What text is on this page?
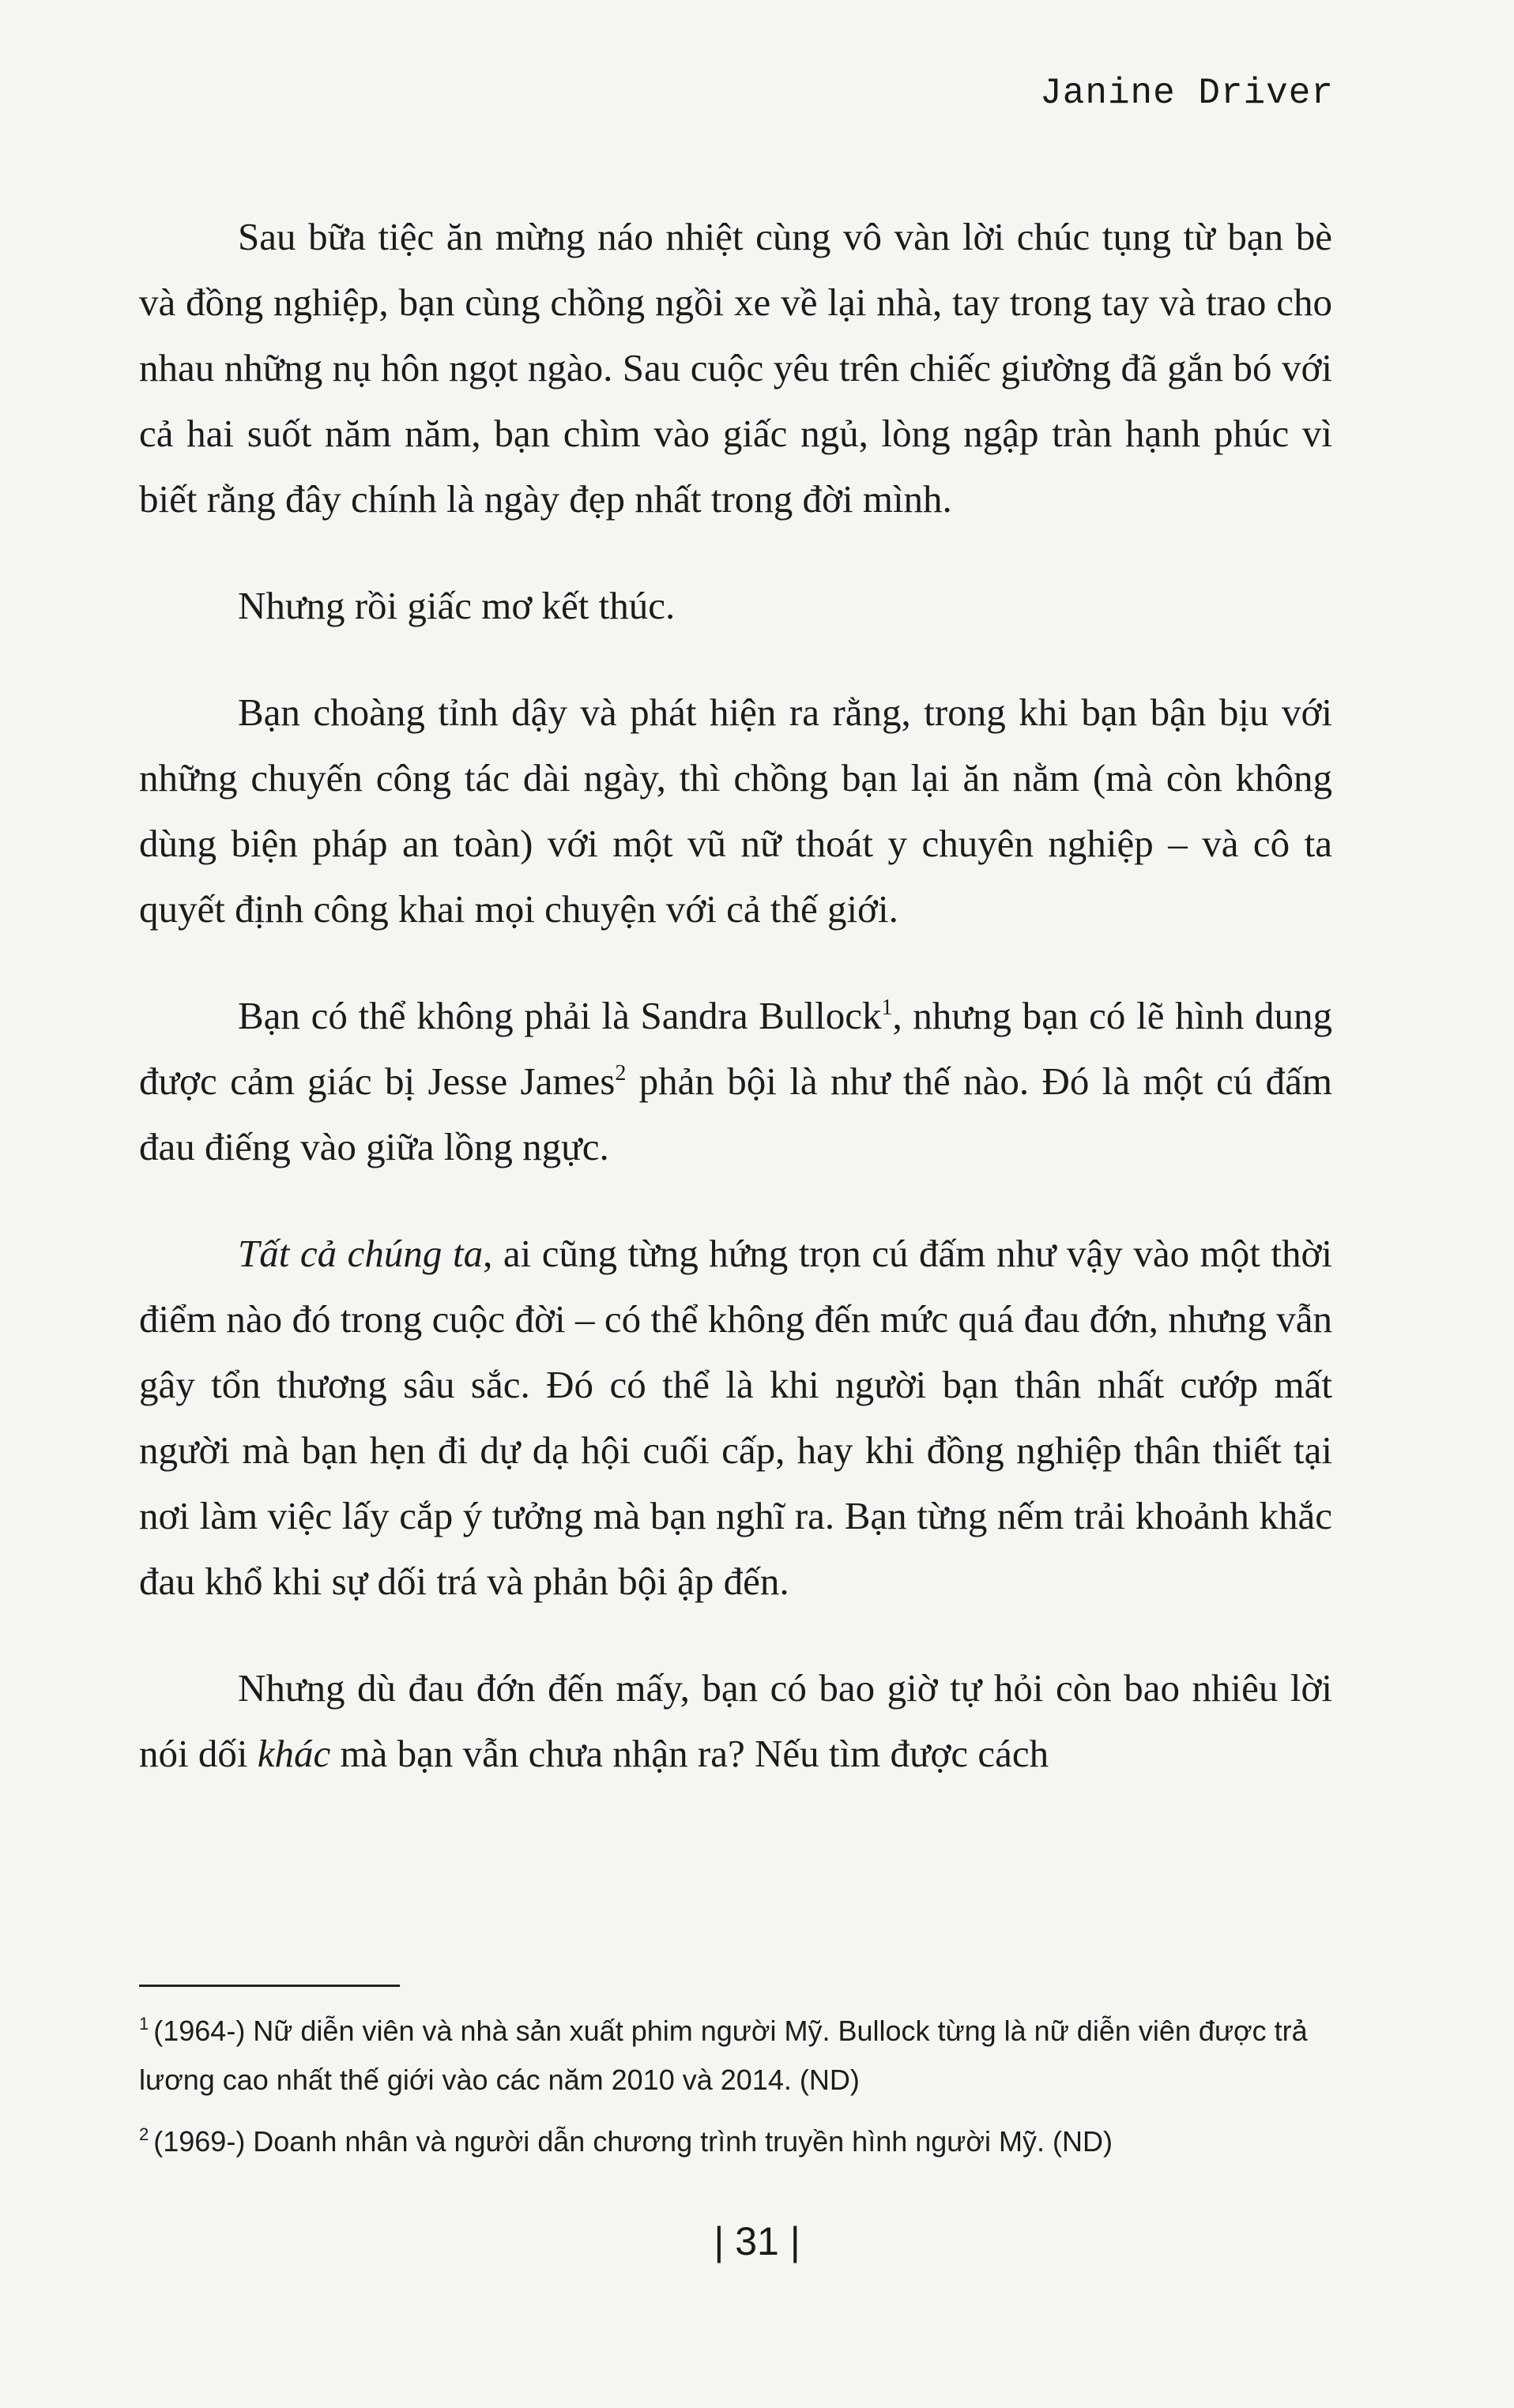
Janine Driver

Sau bữa tiệc ăn mừng náo nhiệt cùng vô vàn lời chúc tụng từ bạn bè và đồng nghiệp, bạn cùng chồng ngồi xe về lại nhà, tay trong tay và trao cho nhau những nụ hôn ngọt ngào. Sau cuộc yêu trên chiếc giường đã gắn bó với cả hai suốt năm năm, bạn chìm vào giấc ngủ, lòng ngập tràn hạnh phúc vì biết rằng đây chính là ngày đẹp nhất trong đời mình.

Nhưng rồi giấc mơ kết thúc.

Bạn choàng tỉnh dậy và phát hiện ra rằng, trong khi bạn bận bịu với những chuyến công tác dài ngày, thì chồng bạn lại ăn nằm (mà còn không dùng biện pháp an toàn) với một vũ nữ thoát y chuyên nghiệp – và cô ta quyết định công khai mọi chuyện với cả thế giới.

Bạn có thể không phải là Sandra Bullock$^1$, nhưng bạn có lẽ hình dung được cảm giác bị Jesse James$^2$ phản bội là như thế nào. Đó là một cú đấm đau điếng vào giữa lồng ngực.

Tất cả chúng ta, ai cũng từng hứng trọn cú đấm như vậy vào một thời điểm nào đó trong cuộc đời – có thể không đến mức quá đau đớn, nhưng vẫn gây tổn thương sâu sắc. Đó có thể là khi người bạn thân nhất cướp mất người mà bạn hẹn đi dự dạ hội cuối cấp, hay khi đồng nghiệp thân thiết tại nơi làm việc lấy cắp ý tưởng mà bạn nghĩ ra. Bạn từng nếm trải khoảnh khắc đau khổ khi sự dối trá và phản bội ập đến.

Nhưng dù đau đớn đến mấy, bạn có bao giờ tự hỏi còn bao nhiêu lời nói dối khác mà bạn vẫn chưa nhận ra? Nếu tìm được cách

$^1$ (1964-) Nữ diễn viên và nhà sản xuất phim người Mỹ. Bullock từng là nữ diễn viên được trả lương cao nhất thế giới vào các năm 2010 và 2014. (ND)
$^2$ (1969-) Doanh nhân và người dẫn chương trình truyền hình người Mỹ. (ND)
| 31 |
